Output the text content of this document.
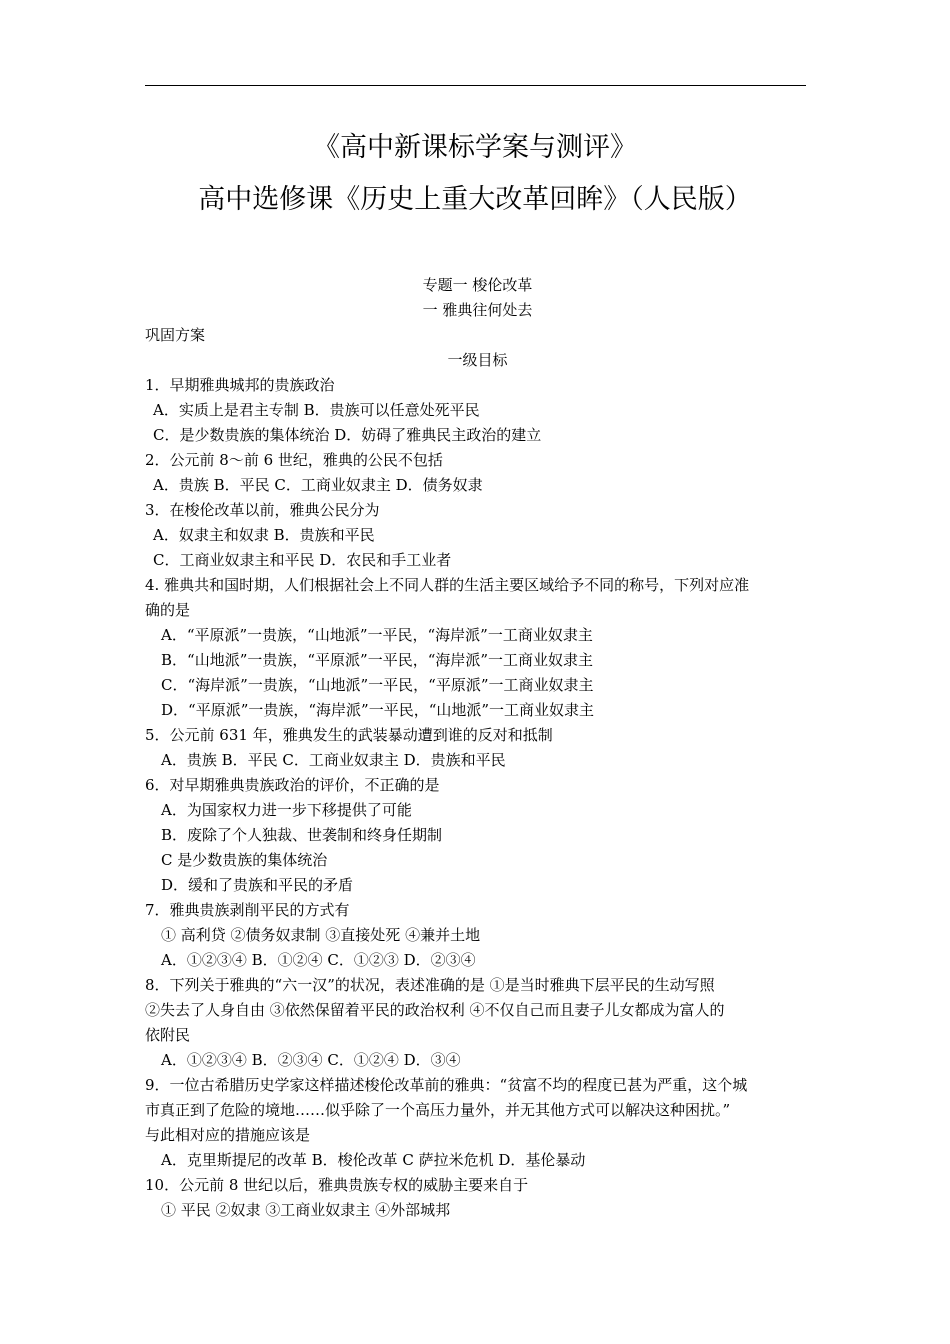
《高中新课标学案与测评》
高中选修课《历史上重大改革回眸》（人民版）
专题一 梭伦改革
一 雅典往何处去
巩固方案
一级目标
1．早期雅典城邦的贵族政治
A．实质上是君主专制 B．贵族可以任意处死平民
C．是少数贵族的集体统治 D．妨碍了雅典民主政治的建立
2．公元前 8～前 6 世纪，雅典的公民不包括
A．贵族 B．平民 C．工商业奴隶主 D．债务奴隶
3．在梭伦改革以前，雅典公民分为
A．奴隶主和奴隶 B．贵族和平民
C．工商业奴隶主和平民 D．农民和手工业者
4. 雅典共和国时期，人们根据社会上不同人群的生活主要区域给予不同的称号，下列对应准
确的是
A．“平原派”一贵族，“山地派”一平民，“海岸派”一工商业奴隶主
B．“山地派”一贵族，“平原派”一平民，“海岸派”一工商业奴隶主
C．“海岸派”一贵族，“山地派”一平民，“平原派”一工商业奴隶主
D．“平原派”一贵族，“海岸派”一平民，“山地派”一工商业奴隶主
5．公元前 631 年，雅典发生的武装暴动遭到谁的反对和抵制
A．贵族 B．平民 C．工商业奴隶主 D．贵族和平民
6．对早期雅典贵族政治的评价，不正确的是
A．为国家权力进一步下移提供了可能
B．废除了个人独裁、世袭制和终身任期制
C 是少数贵族的集体统治
D．缓和了贵族和平民的矛盾
7．雅典贵族剥削平民的方式有
① 高利贷 ②债务奴隶制 ③直接处死 ④兼并土地
A．①②③④ B．①②④ C．①②③ D．②③④
8．下列关于雅典的“六一汉”的状况，表述准确的是 ①是当时雅典下层平民的生动写照
②失去了人身自由 ③依然保留着平民的政治权利 ④不仅自己而且妻子儿女都成为富人的
依附民
A．①②③④ B．②③④ C．①②④ D．③④
9．一位古希腊历史学家这样描述梭伦改革前的雅典：“贫富不均的程度已甚为严重，这个城
市真正到了危险的境地……似乎除了一个高压力量外，并无其他方式可以解决这种困扰。”
与此相对应的措施应该是
A．克里斯提尼的改革 B．梭伦改革 C 萨拉米危机 D．基伦暴动
10．公元前 8 世纪以后，雅典贵族专权的威胁主要来自于
① 平民 ②奴隶 ③工商业奴隶主 ④外部城邦
